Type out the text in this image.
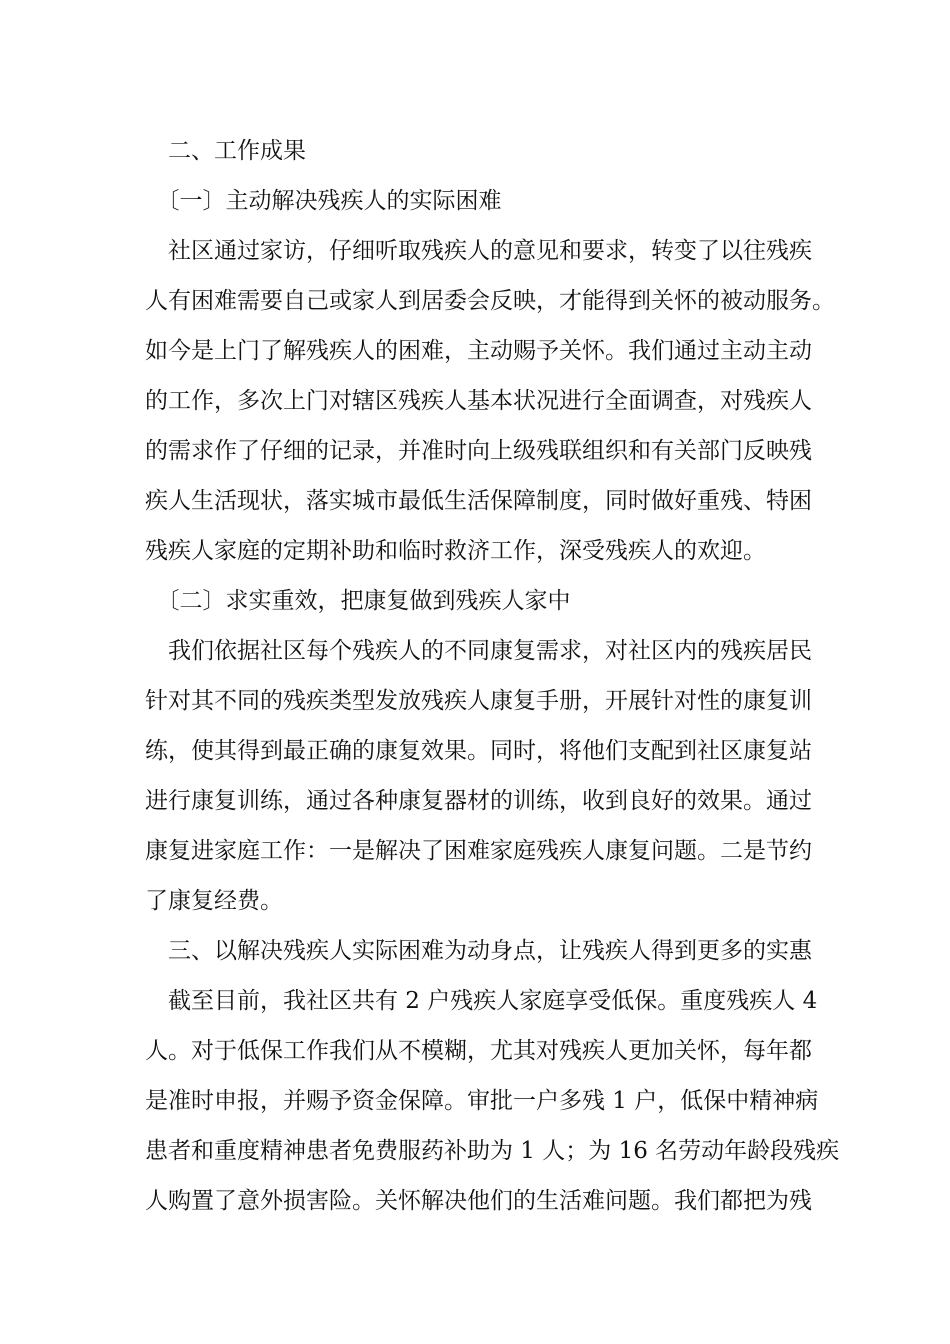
　二、工作成果
　〔一〕主动解决残疾人的实际困难
　社区通过家访，仔细听取残疾人的意见和要求，转变了以往残疾
人有困难需要自己或家人到居委会反映，才能得到关怀的被动服务。
如今是上门了解残疾人的困难，主动赐予关怀。我们通过主动主动
的工作，多次上门对辖区残疾人基本状况进行全面调查，对残疾人
的需求作了仔细的记录，并准时向上级残联组织和有关部门反映残
疾人生活现状，落实城市最低生活保障制度，同时做好重残、特困
残疾人家庭的定期补助和临时救济工作，深受残疾人的欢迎。
　〔二〕求实重效，把康复做到残疾人家中
　我们依据社区每个残疾人的不同康复需求，对社区内的残疾居民
针对其不同的残疾类型发放残疾人康复手册，开展针对性的康复训
练，使其得到最正确的康复效果。同时，将他们支配到社区康复站
进行康复训练，通过各种康复器材的训练，收到良好的效果。通过
康复进家庭工作：一是解决了困难家庭残疾人康复问题。二是节约
了康复经费。
　三、以解决残疾人实际困难为动身点，让残疾人得到更多的实惠
　截至目前，我社区共有 2 户残疾人家庭享受低保。重度残疾人 4
人。对于低保工作我们从不模糊，尤其对残疾人更加关怀，每年都
是准时申报，并赐予资金保障。审批一户多残 1 户，低保中精神病
患者和重度精神患者免费服药补助为 1 人；为 16 名劳动年龄段残疾
人购置了意外损害险。关怀解决他们的生活难问题。我们都把为残
